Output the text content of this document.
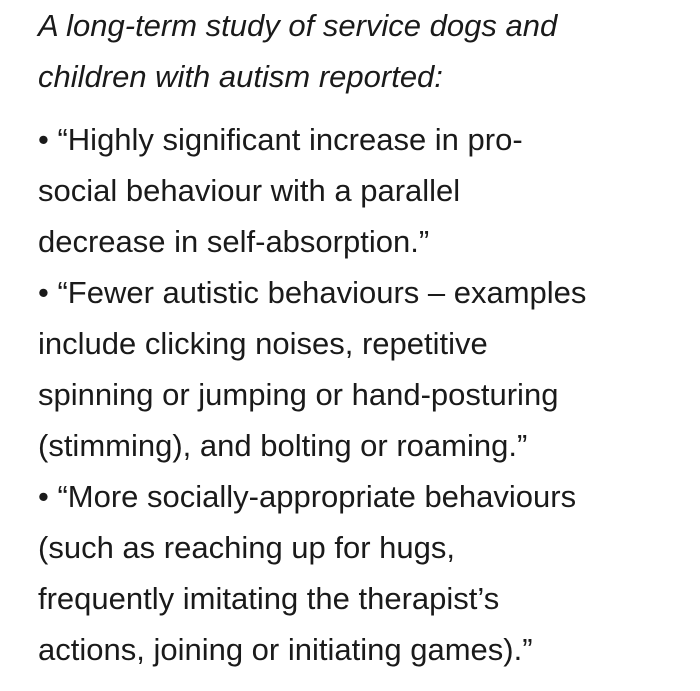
A long-term study of service dogs and
children with autism reported:

• “Highly significant increase in pro-
social behaviour with a parallel
decrease in self-absorption.”
• “Fewer autistic behaviours – examples
include clicking noises, repetitive
spinning or jumping or hand-posturing
(stimming), and bolting or roaming.”
• “More socially-appropriate behaviours
(such as reaching up for hugs,
frequently imitating the therapist’s
actions, joining or initiating games).”
